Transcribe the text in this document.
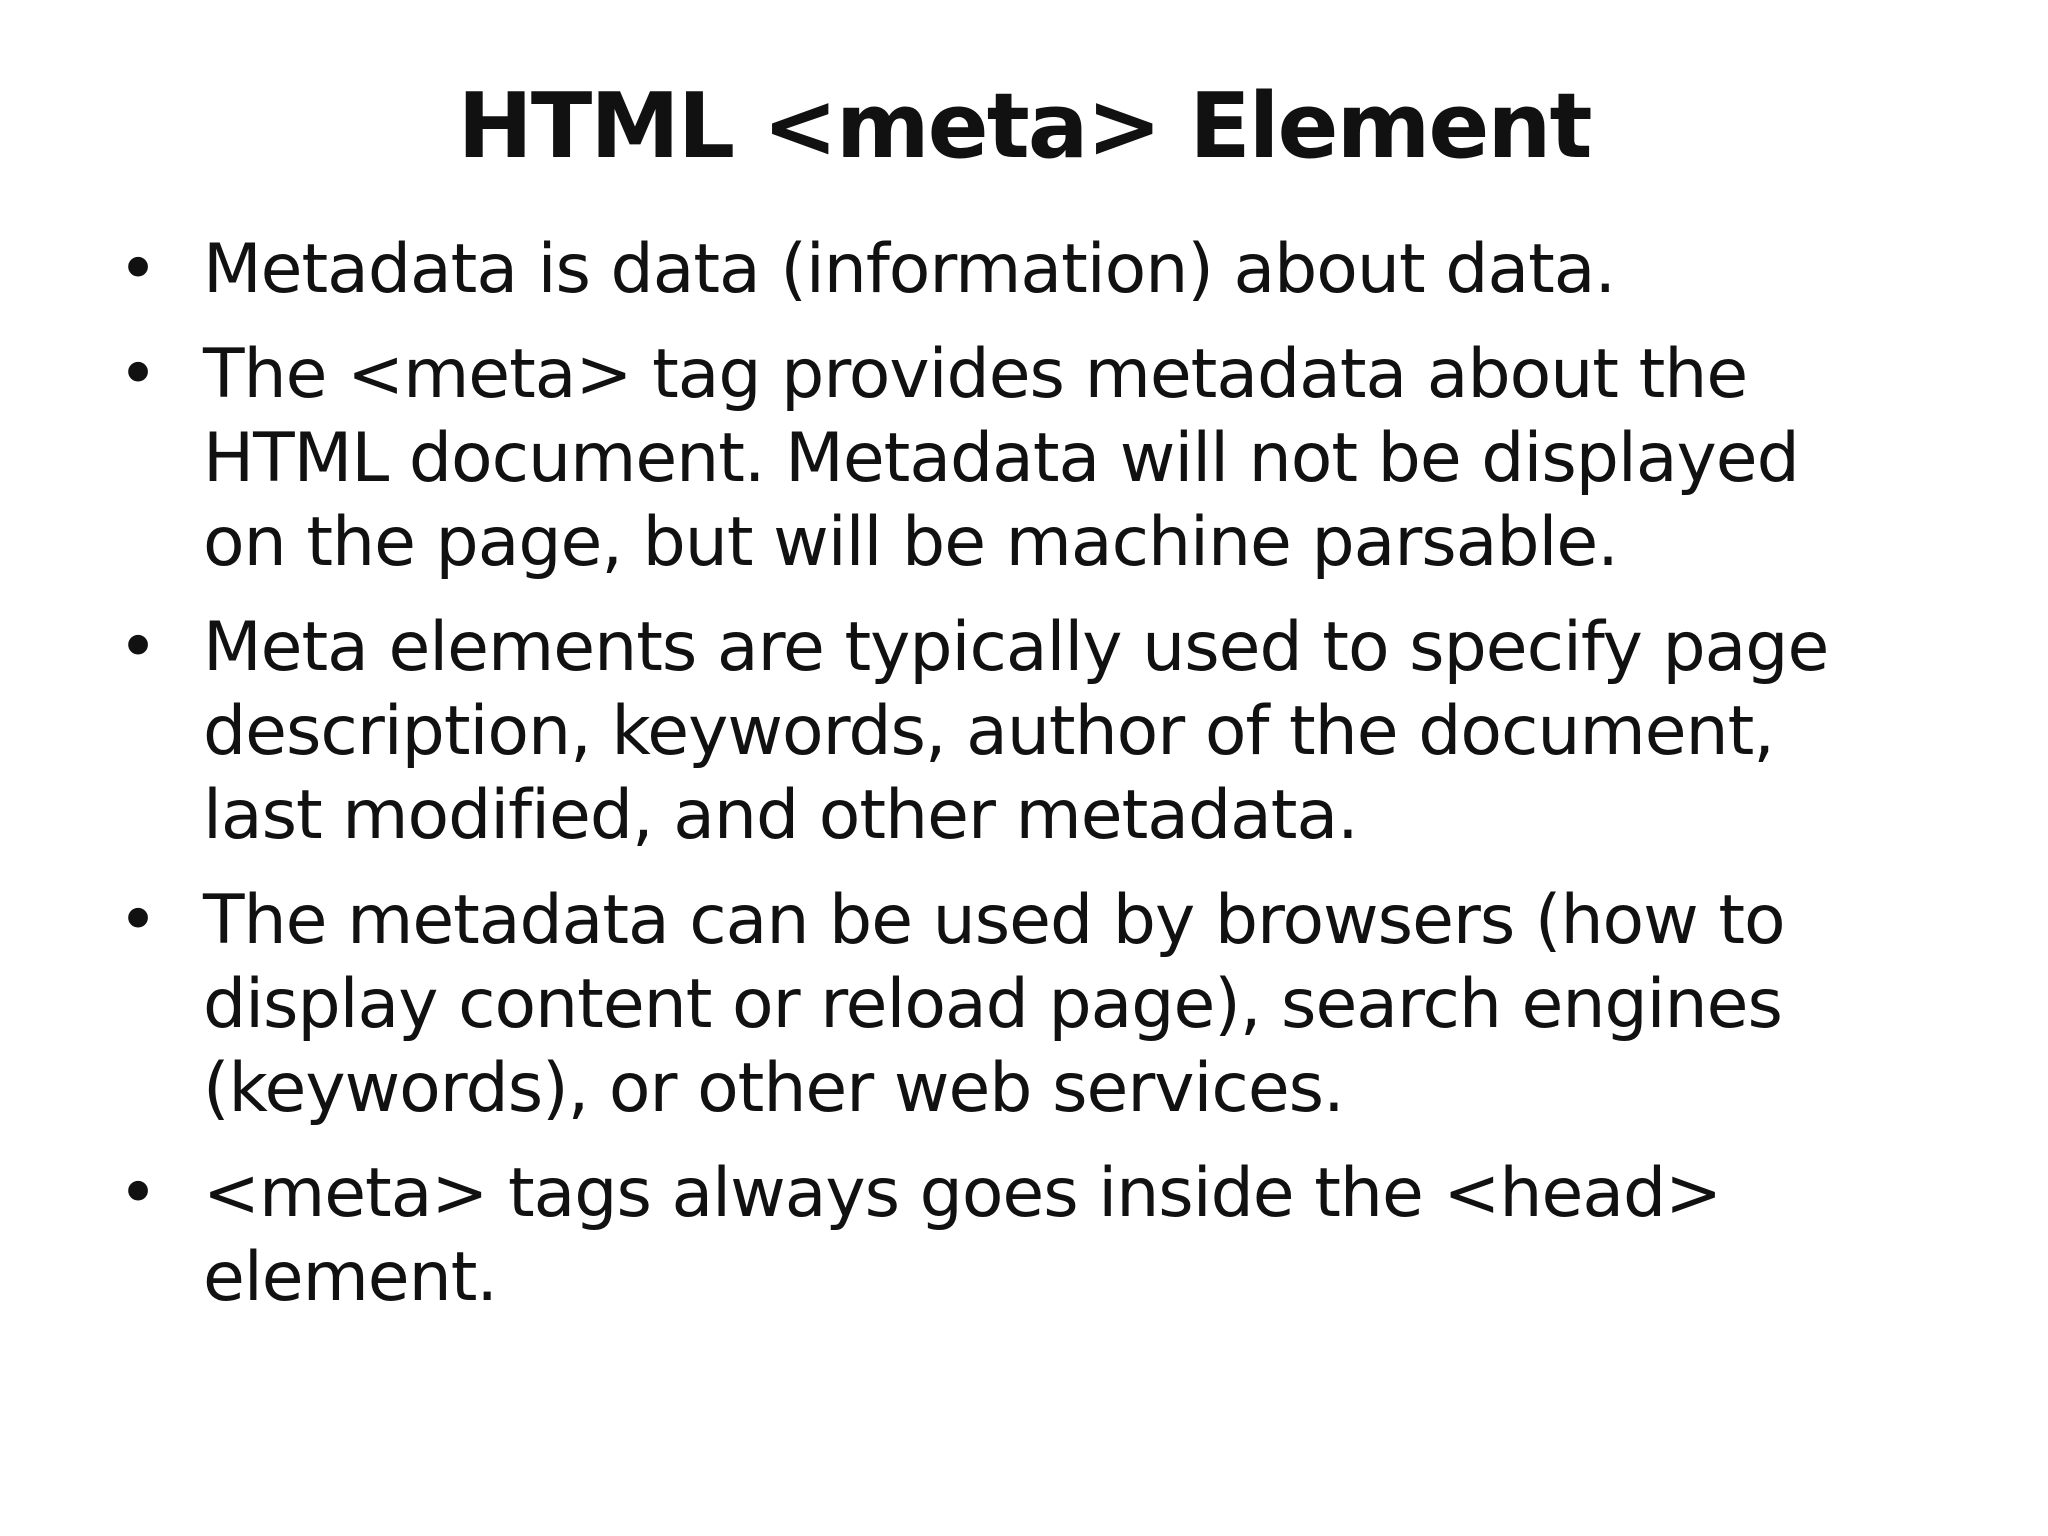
HTML <meta> Element
• Metadata is data (information) about data.
• The <meta> tag provides metadata about the
HTML document. Metadata will not be displayed
on the page, but will be machine parsable.
• Meta elements are typically used to specify page
description, keywords, author of the document,
last modified, and other metadata.
• The metadata can be used by browsers (how to
display content or reload page), search engines
(keywords), or other web services.
• <meta> tags always goes inside the <head>
element.
